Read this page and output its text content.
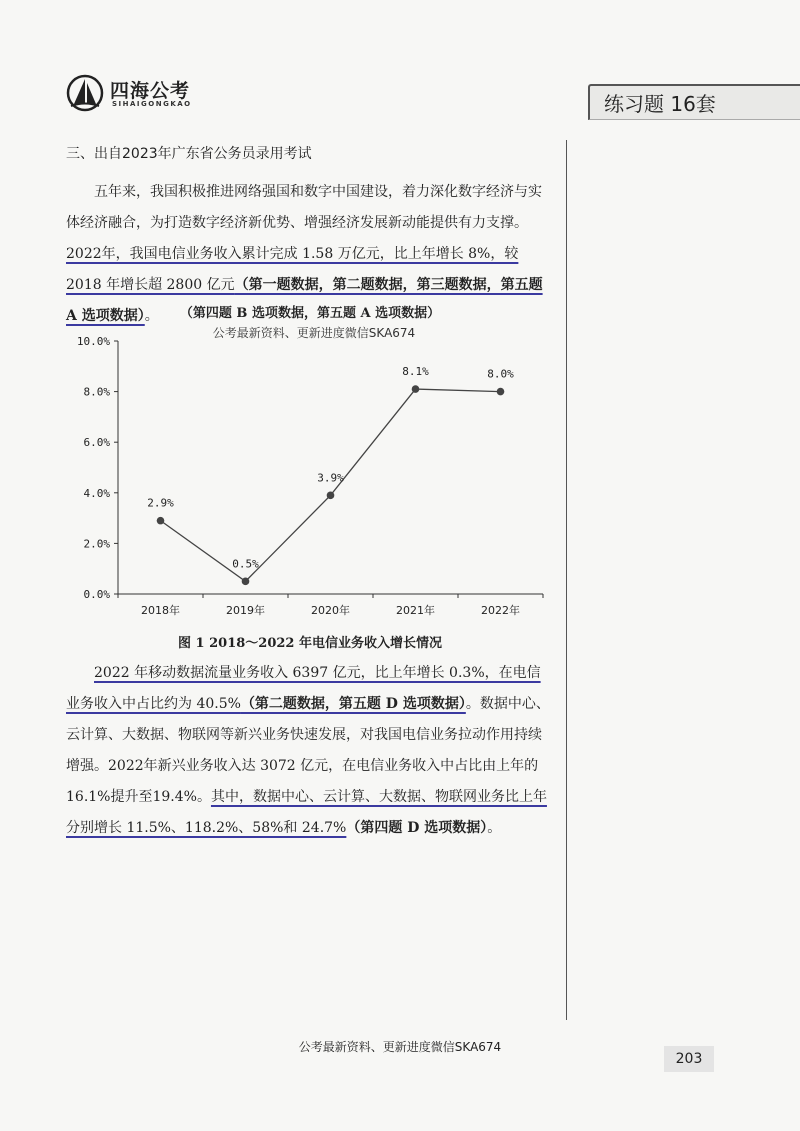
四海公考
SIHAIGONGKAO	练习题 16套
三、出自2023年广东省公务员录用考试

五年来，我国积极推进网络强国和数字中国建设，着力深化数字经济与实体经济融合，为打造数字经济新优势、增强经济发展新动能提供有力支撑。2022年，我国电信业务收入累计完成 1.58 万亿元，比上年增长 8%，较 2018 年增长超 2800 亿元（第一题数据，第二题数据，第三题数据，第五题 A 选项数据）。	（第四题 B 选项数据，第五题 A 选项数据）
公考最新资料、更新进度微信SKA674
0.0%
2.0%
4.0%
6.0%
8.0%
10.0%
2018年	2019年	2020年	2021年	2022年
2.9%
0.5%
3.9%
8.1%	8.0%
图 1 2018～2022 年电信业务收入增长情况

2022 年移动数据流量业务收入 6397 亿元，比上年增长 0.3%，在电信业务收入中占比约为 40.5%（第二题数据，第五题 D 选项数据）。数据中心、云计算、大数据、物联网等新兴业务快速发展，对我国电信业务拉动作用持续增强。2022年新兴业务收入达 3072 亿元，在电信业务收入中占比由上年的 16.1%提升至19.4%。其中，数据中心、云计算、大数据、物联网业务比上年分别增长 11.5%、118.2%、58%和 24.7%（第四题 D 选项数据）。

公考最新资料、更新进度微信SKA674
203
